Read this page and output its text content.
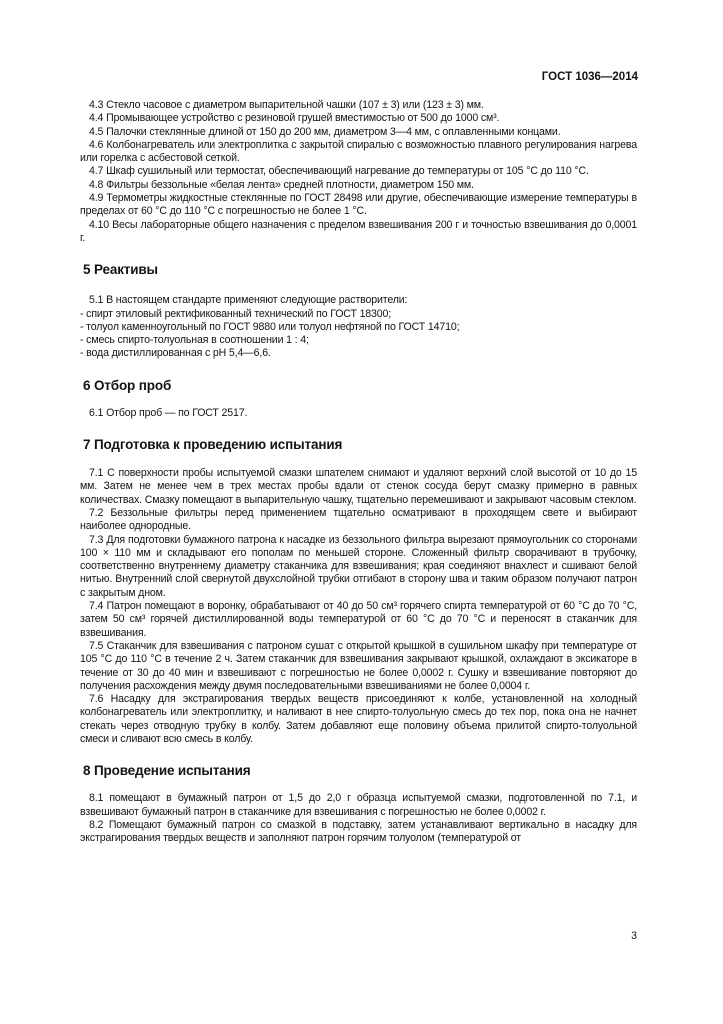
ГОСТ 1036—2014

4.3 Стекло часовое с диаметром выпарительной чашки (107 ± 3) или (123 ± 3) мм.

4.4 Промывающее устройство с резиновой грушей вместимостью от 500 до 1000 см³.

4.5 Палочки стеклянные длиной от 150 до 200 мм, диаметром 3—4 мм, с оплавленными концами.

4.6 Колбонагреватель или электроплитка с закрытой спиралью с возможностью плавного регулирования нагрева или горелка с асбестовой сеткой.

4.7 Шкаф сушильный или термостат, обеспечивающий нагревание до температуры от 105 °С до 110 °С.

4.8 Фильтры беззольные «белая лента» средней плотности, диаметром 150 мм.

4.9 Термометры жидкостные стеклянные по ГОСТ 28498 или другие, обеспечивающие измерение температуры в пределах от 60 °С до 110 °С с погрешностью не более 1 °С.

4.10 Весы лабораторные общего назначения с пределом взвешивания 200 г и точностью взвешивания до 0,0001 г.

5 Реактивы

5.1 В настоящем стандарте применяют следующие растворители:

- спирт этиловый ректификованный технический по ГОСТ 18300;

- толуол каменноугольный по ГОСТ 9880 или толуол нефтяной по ГОСТ 14710;

- смесь спирто-толуольная в соотношении 1 : 4;

- вода дистиллированная с pH 5,4—6,6.

6 Отбор проб

6.1 Отбор проб — по ГОСТ 2517.

7 Подготовка к проведению испытания

7.1 С поверхности пробы испытуемой смазки шпателем снимают и удаляют верхний слой высотой от 10 до 15 мм. Затем не менее чем в трех местах пробы вдали от стенок сосуда берут смазку примерно в равных количествах. Смазку помещают в выпарительную чашку, тщательно перемешивают и закрывают часовым стеклом.

7.2 Беззольные фильтры перед применением тщательно осматривают в проходящем свете и выбирают наиболее однородные.

7.3 Для подготовки бумажного патрона к насадке из беззольного фильтра вырезают прямоугольник со сторонами 100 × 110 мм и складывают его пополам по меньшей стороне. Сложенный фильтр сворачивают в трубочку, соответственно внутреннему диаметру стаканчика для взвешивания; края соединяют внахлест и сшивают белой нитью. Внутренний слой свернутой двухслойной трубки отгибают в сторону шва и таким образом получают патрон с закрытым дном.

7.4 Патрон помещают в воронку, обрабатывают от 40 до 50 см³ горячего спирта температурой от 60 °С до 70 °С, затем 50 см³ горячей дистиллированной воды температурой от 60 °С до 70 °С и переносят в стаканчик для взвешивания.

7.5 Стаканчик для взвешивания с патроном сушат с открытой крышкой в сушильном шкафу при температуре от 105 °С до 110 °С в течение 2 ч. Затем стаканчик для взвешивания закрывают крышкой, охлаждают в эксикаторе в течение от 30 до 40 мин и взвешивают с погрешностью не более 0,0002 г. Сушку и взвешивание повторяют до получения расхождения между двумя последовательными взвешиваниями не более 0,0004 г.

7.6 Насадку для экстрагирования твердых веществ присоединяют к колбе, установленной на холодный колбонагреватель или электроплитку, и наливают в нее спирто-толуольную смесь до тех пор, пока она не начнет стекать через отводную трубку в колбу. Затем добавляют еще половину объема прилитой спирто-толуольной смеси и сливают всю смесь в колбу.

8 Проведение испытания

8.1 помещают в бумажный патрон от 1,5 до 2,0 г образца испытуемой смазки, подготовленной по 7.1, и взвешивают бумажный патрон в стаканчике для взвешивания с погрешностью не более 0,0002 г.

8.2 Помещают бумажный патрон со смазкой в подставку, затем устанавливают вертикально в насадку для экстрагирования твердых веществ и заполняют патрон горячим толуолом (температурой от

3
